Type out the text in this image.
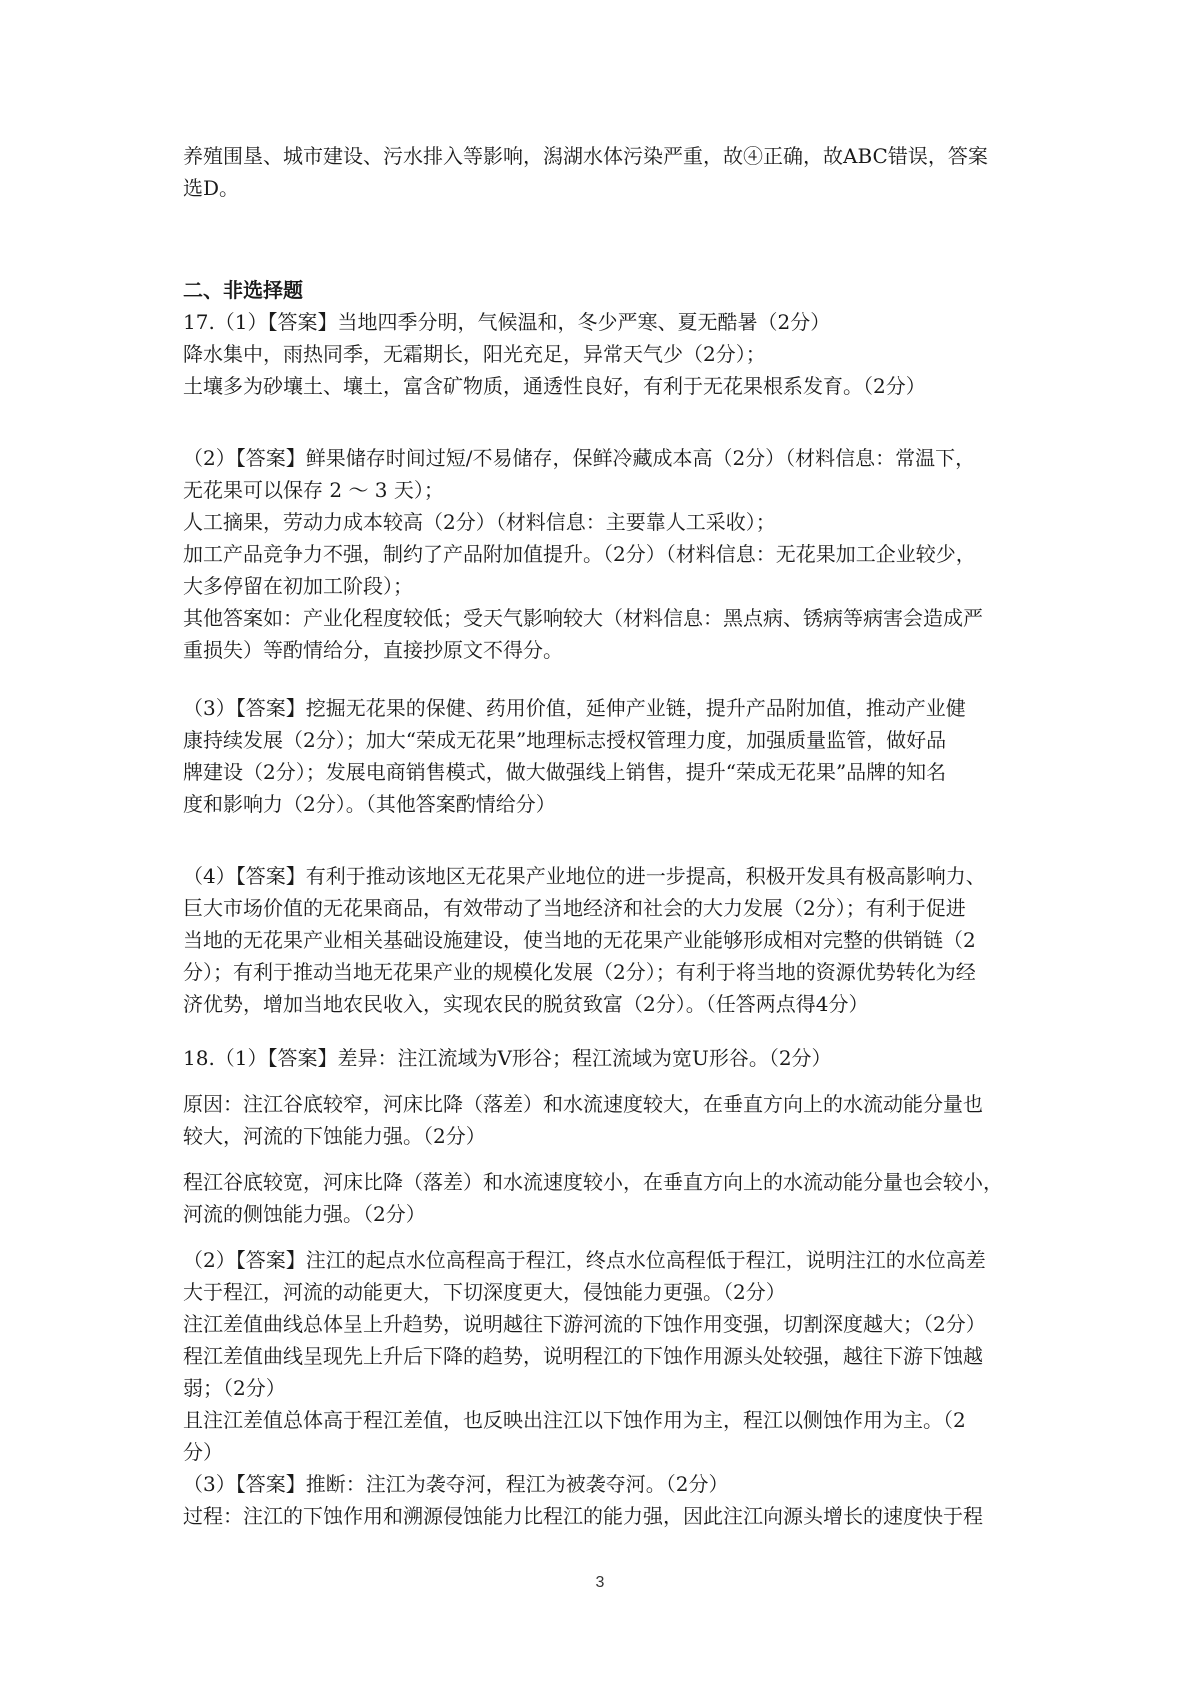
养殖围垦、城市建设、污水排入等影响，潟湖水体污染严重，故④正确，故ABC错误，答案
选D。
二、非选择题
17.（1）【答案】当地四季分明，气候温和，冬少严寒、夏无酷暑（2分）
降水集中，雨热同季，无霜期长，阳光充足，异常天气少（2分）；
土壤多为砂壤土、壤土，富含矿物质，通透性良好，有利于无花果根系发育。（2分）
（2）【答案】鲜果储存时间过短/不易储存，保鲜冷藏成本高（2分）（材料信息：常温下，
无花果可以保存 2 ～ 3 天）；
人工摘果，劳动力成本较高（2分）（材料信息：主要靠人工采收）；
加工产品竞争力不强，制约了产品附加值提升。（2分）（材料信息：无花果加工企业较少，
大多停留在初加工阶段）；
其他答案如：产业化程度较低；受天气影响较大（材料信息：黑点病、锈病等病害会造成严
重损失）等酌情给分，直接抄原文不得分。
（3）【答案】挖掘无花果的保健、药用价值，延伸产业链，提升产品附加值，推动产业健
康持续发展（2分）；加大“荣成无花果”地理标志授权管理力度，加强质量监管，做好品
牌建设（2分）；发展电商销售模式，做大做强线上销售，提升“荣成无花果”品牌的知名
度和影响力（2分）。（其他答案酌情给分）
（4）【答案】有利于推动该地区无花果产业地位的进一步提高，积极开发具有极高影响力、
巨大市场价值的无花果商品，有效带动了当地经济和社会的大力发展（2分）；有利于促进
当地的无花果产业相关基础设施建设，使当地的无花果产业能够形成相对完整的供销链（2
分）；有利于推动当地无花果产业的规模化发展（2分）；有利于将当地的资源优势转化为经
济优势，增加当地农民收入，实现农民的脱贫致富（2分）。（任答两点得4分）
18.（1）【答案】差异：注江流域为V形谷；程江流域为宽U形谷。（2分）
原因：注江谷底较窄，河床比降（落差）和水流速度较大，在垂直方向上的水流动能分量也
较大，河流的下蚀能力强。（2分）
程江谷底较宽，河床比降（落差）和水流速度较小，在垂直方向上的水流动能分量也会较小，
河流的侧蚀能力强。（2分）
（2）【答案】注江的起点水位高程高于程江，终点水位高程低于程江，说明注江的水位高差
大于程江，河流的动能更大，下切深度更大，侵蚀能力更强。（2分）
注江差值曲线总体呈上升趋势，说明越往下游河流的下蚀作用变强，切割深度越大；（2分）
程江差值曲线呈现先上升后下降的趋势，说明程江的下蚀作用源头处较强，越往下游下蚀越
弱；（2分）
且注江差值总体高于程江差值，也反映出注江以下蚀作用为主，程江以侧蚀作用为主。（2
分）
（3）【答案】推断：注江为袭夺河，程江为被袭夺河。（2分）
过程：注江的下蚀作用和溯源侵蚀能力比程江的能力强，因此注江向源头增长的速度快于程
3
